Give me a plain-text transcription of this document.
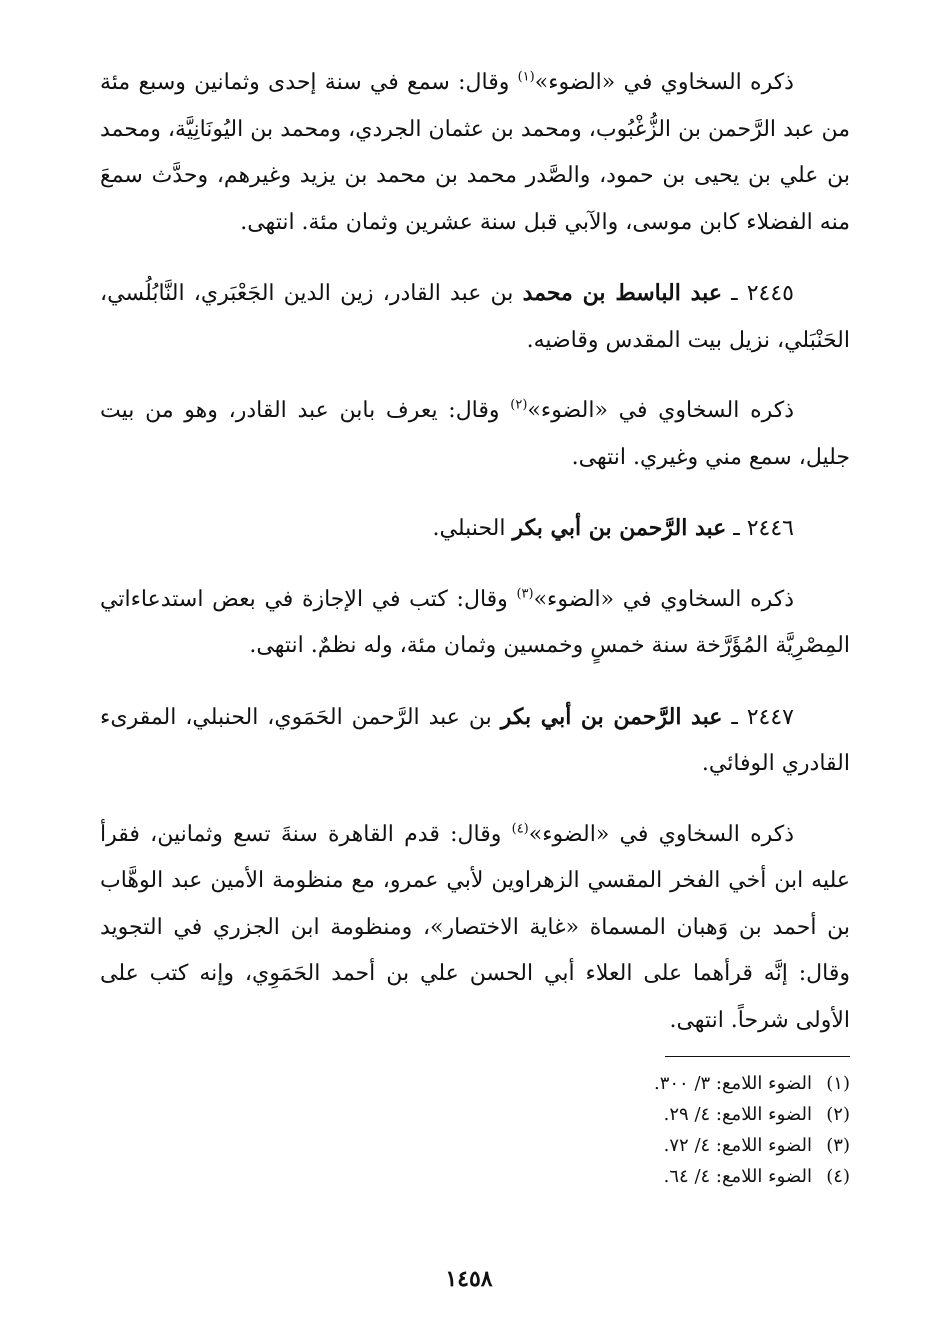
ذكره السخاوي في «الضوء»$^{(١)}$ وقال: سمع في سنة إحدى وثمانين وسبع مئة من عبد الرَّحمن بن الزُّغْبُوب، ومحمد بن عثمان الجردي، ومحمد بن اليُونَانِيَّة، ومحمد بن علي بن يحيى بن حمود، والصَّدر محمد بن محمد بن يزيد وغيرهم، وحدَّث سمعَ منه الفضلاء كابن موسى، والآبي قبل سنة عشرين وثمان مئة. انتهى.

٢٤٤٥ ـ عبد الباسط بن محمد بن عبد القادر، زين الدين الجَعْبَري، النَّابُلُسي، الحَنْبَلي، نزيل بيت المقدس وقاضيه.

ذكره السخاوي في «الضوء»$^{(٢)}$ وقال: يعرف بابن عبد القادر، وهو من بيت جليل، سمع مني وغيري. انتهى.

٢٤٤٦ ـ عبد الرَّحمن بن أبي بكر الحنبلي.

ذكره السخاوي في «الضوء»$^{(٣)}$ وقال: كتب في الإجازة في بعض استدعاءاتي المِصْرِيَّة المُؤَرَّخة سنة خمسٍ وخمسين وثمان مئة، وله نظمٌ. انتهى.

٢٤٤٧ ـ عبد الرَّحمن بن أبي بكر بن عبد الرَّحمن الحَمَوي، الحنبلي، المقرىء القادري الوفائي.

ذكره السخاوي في «الضوء»$^{(٤)}$ وقال: قدم القاهرة سنةَ تسع وثمانين، فقرأ عليه ابن أخي الفخر المقسي الزهراوين لأبي عمرو، مع منظومة الأمين عبد الوهَّاب بن أحمد بن وَهبان المسماة «غاية الاختصار»، ومنظومة ابن الجزري في التجويد وقال: إنَّه قرأهما على العلاء أبي الحسن علي بن أحمد الحَمَوِي، وإنه كتب على الأولى شرحاً. انتهى.

(١)الضوء اللامع: ٣/ ٣٠٠.
(٢)الضوء اللامع: ٤/ ٢٩.
(٣)الضوء اللامع: ٤/ ٧٢.
(٤)الضوء اللامع: ٤/ ٦٤.
١٤٥٨
